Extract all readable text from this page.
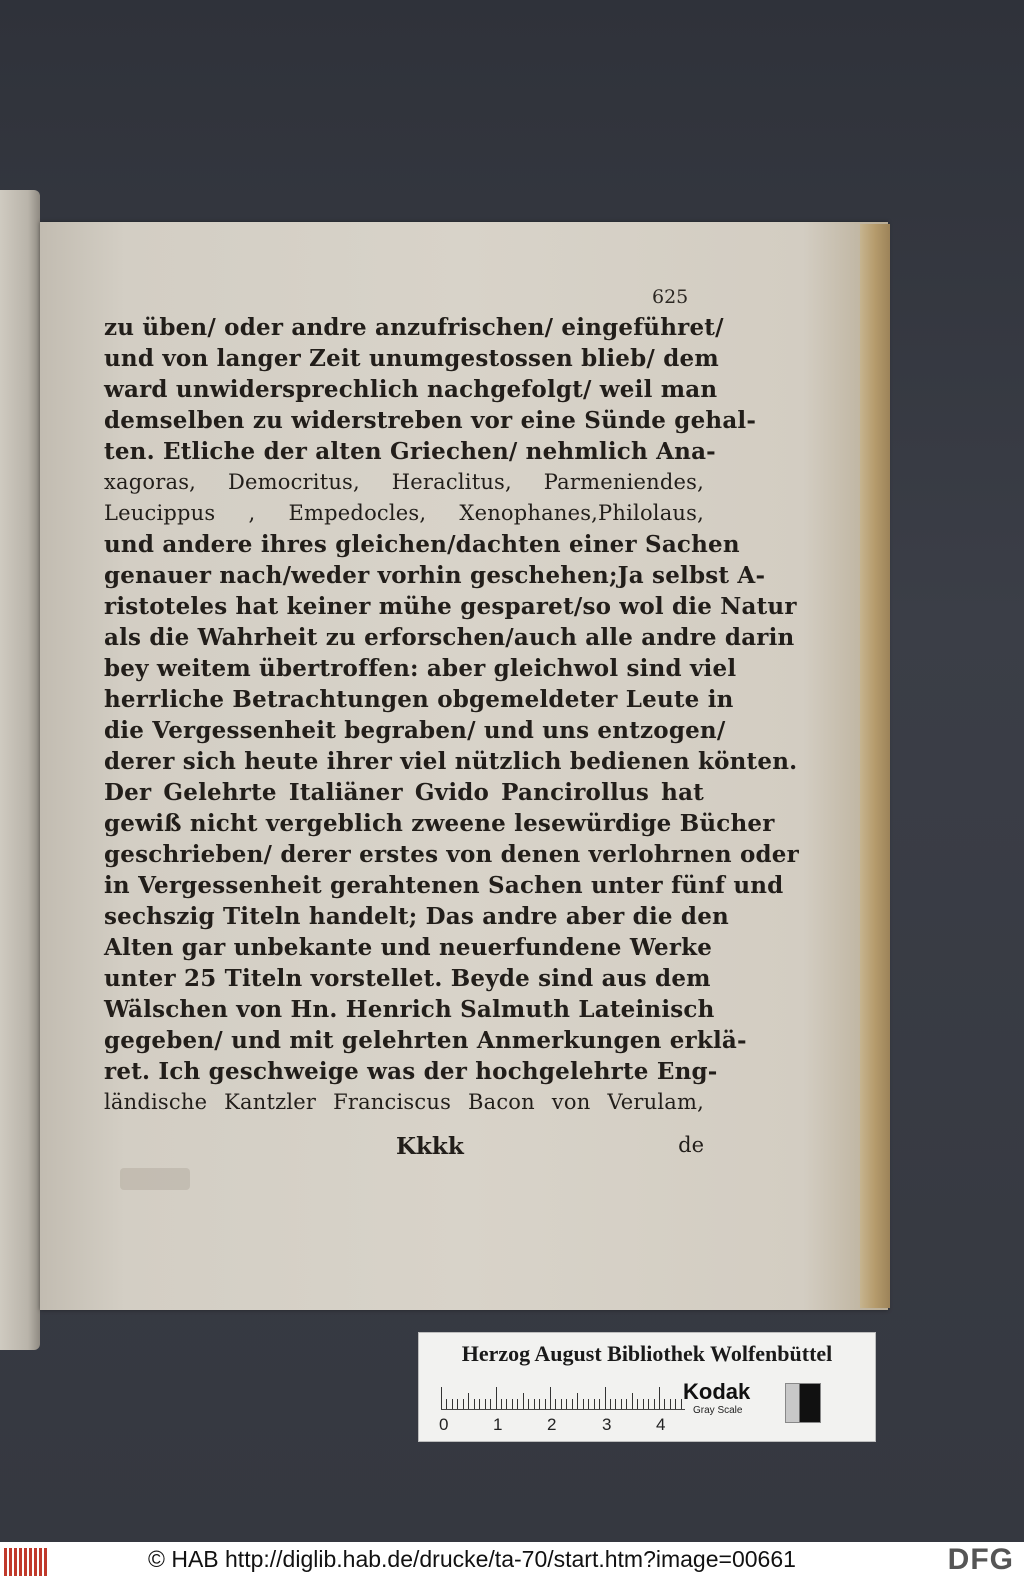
625
zu üben/ oder andre anzufrischen/ eingeführet/
und von langer Zeit unumgestossen blieb/ dem
ward unwidersprechlich nachgefolgt/ weil man
demselben zu widerstreben vor eine Sünde gehal-
ten. Etliche der alten Griechen/ nehmlich Ana-
xagoras, Democritus, Heraclitus, Parmeniendes,
Leucippus , Empedocles, Xenophanes,Philolaus,
und andere ihres gleichen/dachten einer Sachen
genauer nach/weder vorhin geschehen;Ja selbst A-
ristoteles hat keiner mühe gesparet/so wol die Natur
als die Wahrheit zu erforschen/auch alle andre darin
bey weitem übertroffen: aber gleichwol sind viel
herrliche Betrachtungen obgemeldeter Leute in
die Vergessenheit begraben/ und uns entzogen/
derer sich heute ihrer viel nützlich bedienen könten.
Der Gelehrte Italiäner Gvido Pancirollus hat
gewiß nicht vergeblich zweene lesewürdige Bücher
geschrieben/ derer erstes von denen verlohrnen oder
in Vergessenheit gerahtenen Sachen unter fünf und
sechszig Titeln handelt; Das andre aber die den
Alten gar unbekante und neuerfundene Werke
unter 25 Titeln vorstellet. Beyde sind aus dem
Wälschen von Hn. Henrich Salmuth Lateinisch
gegeben/ und mit gelehrten Anmerkungen erklä-
ret. Ich geschweige was der hochgelehrte Eng-
ländische Kantzler Franciscus Bacon von Verulam,
Kkkk	de
Herzog August Bibliothek Wolfenbüttel
0	1	2	3	4
Kodak
Gray Scale
© HAB http://diglib.hab.de/drucke/ta-70/start.htm?image=00661	DFG
